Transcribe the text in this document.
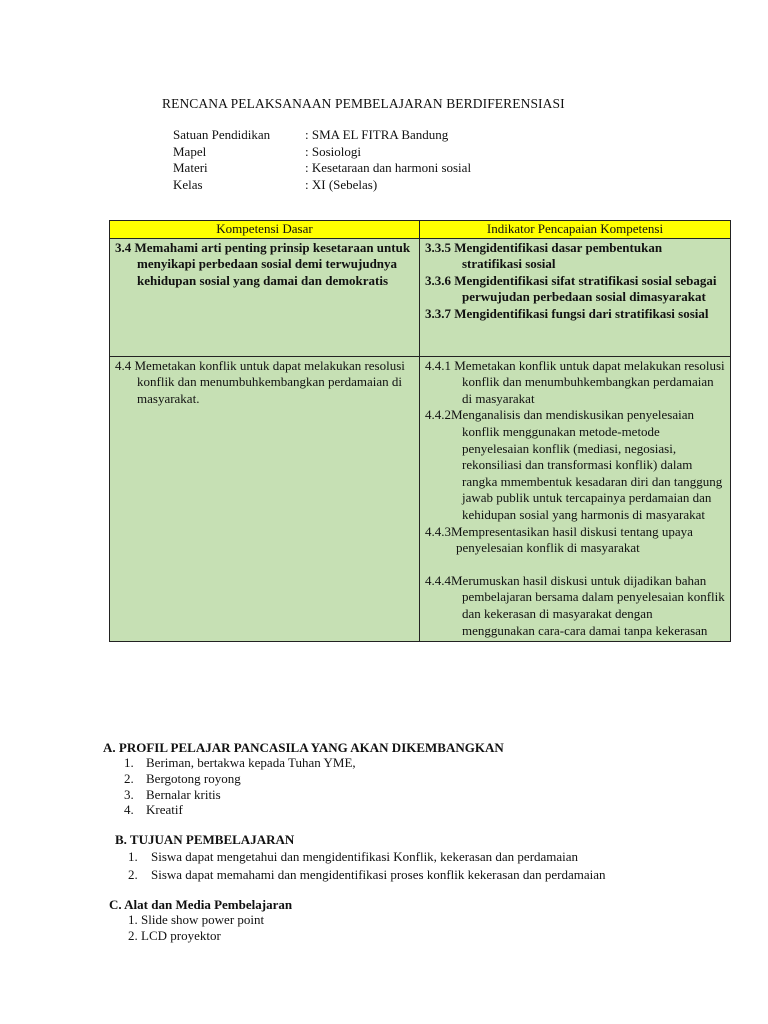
RENCANA PELAKSANAAN PEMBELAJARAN BERDIFERENSIASI
Satuan Pendidikan	: SMA EL FITRA Bandung
Mapel	: Sosiologi
Materi	: Kesetaraan dan harmoni sosial
Kelas	: XI (Sebelas)
Kompetensi Dasar	Indikator Pencapaian Kompetensi

3.4 Memahami arti penting prinsip kesetaraan untuk menyikapi perbedaan sosial demi terwujudnya kehidupan sosial yang damai dan demokratis	3.3.5 Mengidentifikasi dasar pembentukan stratifikasi sosial
3.3.6 Mengidentifikasi sifat stratifikasi sosial sebagai perwujudan perbedaan sosial dimasyarakat
3.3.7 Mengidentifikasi fungsi dari stratifikasi sosial

4.4 Memetakan konflik untuk dapat melakukan resolusi konflik dan menumbuhkembangkan perdamaian di masyarakat.	4.4.1 Memetakan konflik untuk dapat melakukan resolusi konflik dan menumbuhkembangkan perdamaian di masyarakat
4.4.2Menganalisis dan mendiskusikan penyelesaian konflik menggunakan metode-metode penyelesaian konflik (mediasi, negosiasi, rekonsiliasi dan transformasi konflik) dalam rangka mmembentuk kesadaran diri dan tanggung jawab publik untuk tercapainya perdamaian dan kehidupan sosial yang harmonis di masyarakat
4.4.3Mempresentasikan hasil diskusi tentang upaya penyelesaian konflik di masyarakat
4.4.4Merumuskan hasil diskusi untuk dijadikan bahan pembelajaran bersama dalam penyelesaian konflik dan kekerasan di masyarakat dengan menggunakan cara-cara damai tanpa kekerasan
A. PROFIL PELAJAR PANCASILA YANG AKAN DIKEMBANGKAN
1. Beriman, bertakwa kepada Tuhan YME,
2. Bergotong royong
3. Bernalar kritis
4. Kreatif
B. TUJUAN PEMBELAJARAN
1. Siswa dapat mengetahui dan mengidentifikasi Konflik, kekerasan dan perdamaian
2. Siswa dapat memahami dan mengidentifikasi proses konflik kekerasan dan perdamaian
C. Alat dan Media Pembelajaran
1. Slide show power point
2. LCD proyektor
